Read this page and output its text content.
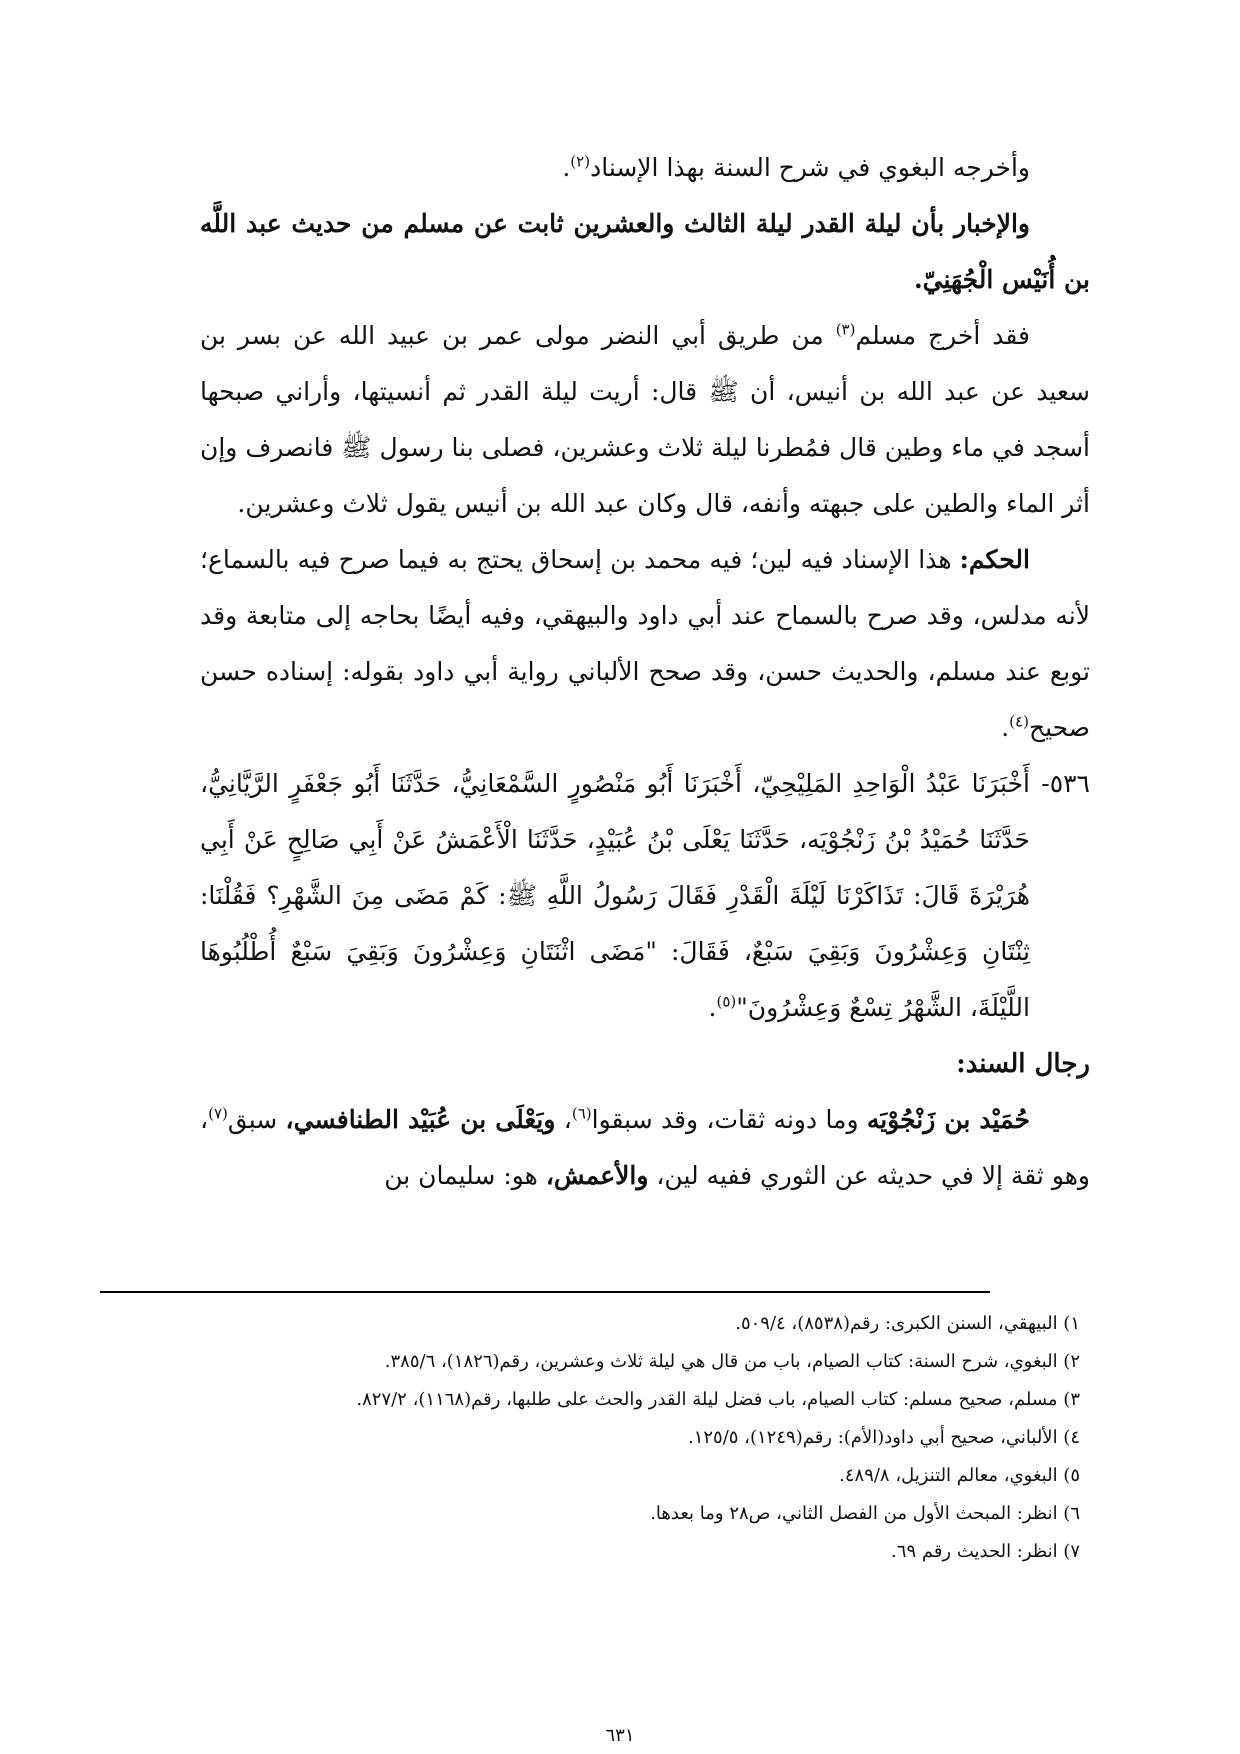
وأخرجه البغوي في شرح السنة بهذا الإسناد$^{(٢)}$.

والإخبار بأن ليلة القدر ليلة الثالث والعشرين ثابت عن مسلم من حديث عبد اللَّه بن أُنَيْس الْجُهَنِيّ.

فقد أخرج مسلم$^{(٣)}$ من طريق أبي النضر مولى عمر بن عبيد الله عن بسر بن سعيد عن عبد الله بن أنيس، أن ﷺ قال: أريت ليلة القدر ثم أنسيتها، وأراني صبحها أسجد في ماء وطين قال فمُطرنا ليلة ثلاث وعشرين، فصلى بنا رسول ﷺ فانصرف وإن أثر الماء والطين على جبهته وأنفه، قال وكان عبد الله بن أنيس يقول ثلاث وعشرين.

الحكم: هذا الإسناد فيه لين؛ فيه محمد بن إسحاق يحتج به فيما صرح فيه بالسماع؛ لأنه مدلس، وقد صرح بالسماح عند أبي داود والبيهقي، وفيه أيضًا بحاجه إلى متابعة وقد توبع عند مسلم، والحديث حسن، وقد صحح الألباني رواية أبي داود بقوله: إسناده حسن صحيح$^{(٤)}$.

٥٣٦-أَخْبَرَنَا عَبْدُ الْوَاحِدِ المَلِيْحِيّ، أَخْبَرَنَا أَبُو مَنْصُورٍ السَّمْعَانِيُّ، حَدَّثَنَا أَبُو جَعْفَرٍ الرَّيَّانِيُّ، حَدَّثَنَا حُمَيْدُ بْنُ زَنْجُوْيَه، حَدَّثَنَا يَعْلَى بْنُ عُبَيْدٍ، حَدَّثَنَا الْأَعْمَشُ عَنْ أَبِي صَالِحٍ عَنْ أَبِي هُرَيْرَةَ قَالَ: تَذَاكَرْنَا لَيْلَةَ الْقَدْرِ فَقَالَ رَسُولُ اللَّهِ ﷺ: كَمْ مَضَى مِنَ الشَّهْرِ؟ فَقُلْنَا: ثِنْتَانِ وَعِشْرُونَ وَبَقِيَ سَبْعٌ، فَقَالَ: "مَضَى اثْنَتَانِ وَعِشْرُونَ وَبَقِيَ سَبْعٌ أُطْلُبُوهَا اللَّيْلَةَ، الشَّهْرُ تِسْعٌ وَعِشْرُونَ"$^{(٥)}$.

رجال السند:

حُمَيْد بن زَنْجُوْيَه وما دونه ثقات، وقد سبقوا$^{(٦)}$، ويَعْلَى بن عُبَيْد الطنافسي، سبق$^{(٧)}$، وهو ثقة إلا في حديثه عن الثوري ففيه لين، والأعمش، هو: سليمان بن

١) البيهقي، السنن الكبرى: رقم(٨٥٣٨)، ٥٠٩/٤.

٢) البغوي، شرح السنة: كتاب الصيام، باب من قال هي ليلة ثلاث وعشرين، رقم(١٨٢٦)، ٣٨٥/٦.

٣) مسلم، صحيح مسلم: كتاب الصيام، باب فضل ليلة القدر والحث على طلبها، رقم(١١٦٨)، ٨٢٧/٢.

٤) الألباني، صحيح أبي داود(الأم): رقم(١٢٤٩)، ١٢٥/٥.

٥) البغوي، معالم التنزيل، ٤٨٩/٨.

٦) انظر: المبحث الأول من الفصل الثاني، ص٢٨ وما بعدها.

٧) انظر: الحديث رقم ٦٩.

٦٣١
